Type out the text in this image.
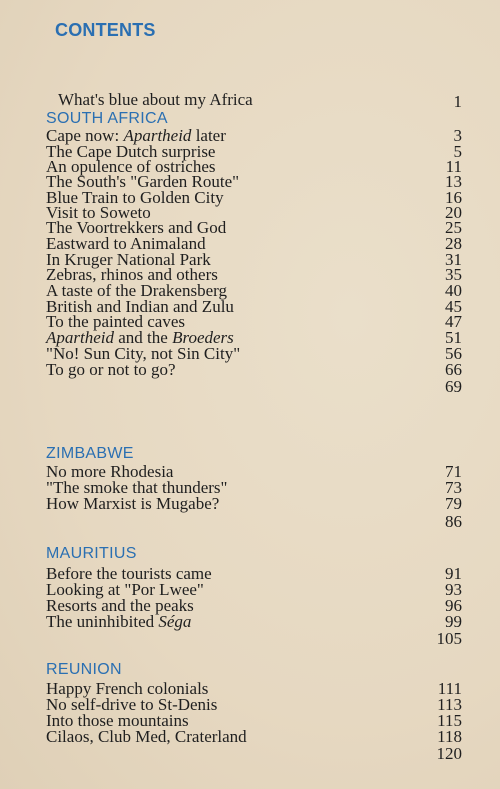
CONTENTS
What's blue about my Africa	1
SOUTH AFRICA
Cape now: Apartheid later	3
The Cape Dutch surprise	5
An opulence of ostriches	11
The South's "Garden Route"	13
Blue Train to Golden City	16
Visit to Soweto	20
The Voortrekkers and God	25
Eastward to Animaland	28
In Kruger National Park	31
Zebras, rhinos and others	35
A taste of the Drakensberg	40
British and Indian and Zulu	45
To the painted caves	47
Apartheid and the Broeders	51
"No! Sun City, not Sin City"	56
To go or not to go?	66
69
ZIMBABWE
No more Rhodesia	71
"The smoke that thunders"	73
How Marxist is Mugabe?	79
86
MAURITIUS
Before the tourists came	91
Looking at "Por Lwee"	93
Resorts and the peaks	96
The uninhibited Séga	99
105
REUNION
Happy French colonials	111
No self-drive to St-Denis	113
Into those mountains	115
Cilaos, Club Med, Craterland	118
120
